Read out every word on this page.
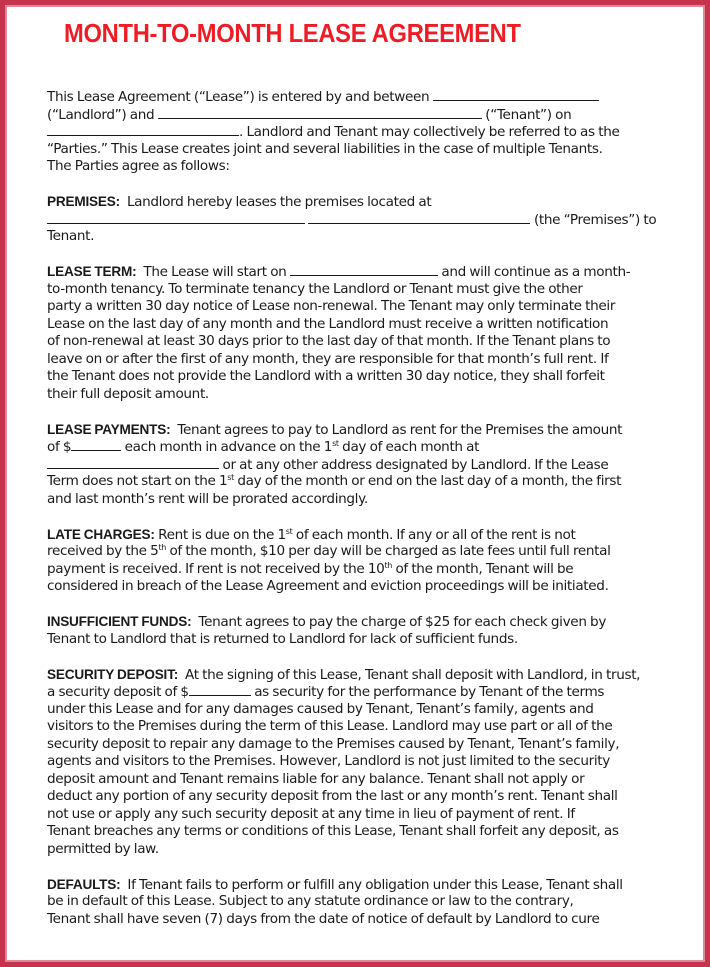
MONTH-TO-MONTH LEASE AGREEMENT
This Lease Agreement (“Lease”) is entered by and between
(“Landlord”) and	(“Tenant”) on
. Landlord and Tenant may collectively be referred to as the
“Parties.” This Lease creates joint and several liabilities in the case of multiple Tenants.
The Parties agree as follows:
PREMISES: Landlord hereby leases the premises located at
(the “Premises”) to
Tenant.
LEASE TERM: The Lease will start on	and will continue as a month-
to-month tenancy. To terminate tenancy the Landlord or Tenant must give the other
party a written 30 day notice of Lease non-renewal. The Tenant may only terminate their
Lease on the last day of any month and the Landlord must receive a written notification
of non-renewal at least 30 days prior to the last day of that month. If the Tenant plans to
leave on or after the first of any month, they are responsible for that month’s full rent. If
the Tenant does not provide the Landlord with a written 30 day notice, they shall forfeit
their full deposit amount.
LEASE PAYMENTS: Tenant agrees to pay to Landlord as rent for the Premises the amount
of $	each month in advance on the 1st day of each month at
or at any other address designated by Landlord. If the Lease
Term does not start on the 1st day of the month or end on the last day of a month, the first
and last month’s rent will be prorated accordingly.
LATE CHARGES: Rent is due on the 1st of each month. If any or all of the rent is not
received by the 5th of the month, $10 per day will be charged as late fees until full rental
payment is received. If rent is not received by the 10th of the month, Tenant will be
considered in breach of the Lease Agreement and eviction proceedings will be initiated.
INSUFFICIENT FUNDS: Tenant agrees to pay the charge of $25 for each check given by
Tenant to Landlord that is returned to Landlord for lack of sufficient funds.
SECURITY DEPOSIT: At the signing of this Lease, Tenant shall deposit with Landlord, in trust,
a security deposit of $	as security for the performance by Tenant of the terms
under this Lease and for any damages caused by Tenant, Tenant’s family, agents and
visitors to the Premises during the term of this Lease. Landlord may use part or all of the
security deposit to repair any damage to the Premises caused by Tenant, Tenant’s family,
agents and visitors to the Premises. However, Landlord is not just limited to the security
deposit amount and Tenant remains liable for any balance. Tenant shall not apply or
deduct any portion of any security deposit from the last or any month’s rent. Tenant shall
not use or apply any such security deposit at any time in lieu of payment of rent. If
Tenant breaches any terms or conditions of this Lease, Tenant shall forfeit any deposit, as
permitted by law.
DEFAULTS: If Tenant fails to perform or fulfill any obligation under this Lease, Tenant shall
be in default of this Lease. Subject to any statute ordinance or law to the contrary,
Tenant shall have seven (7) days from the date of notice of default by Landlord to cure
